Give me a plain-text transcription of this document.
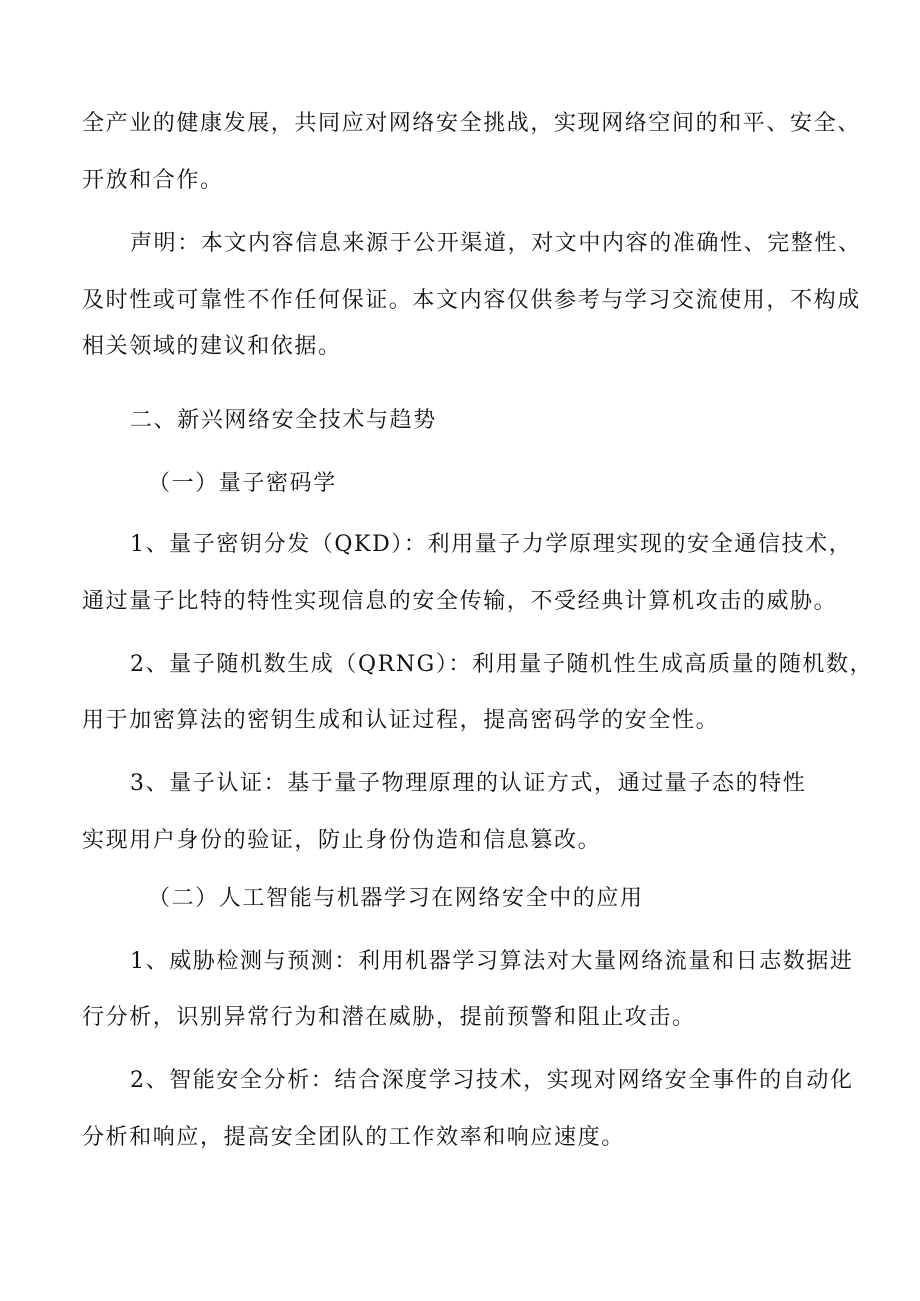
全产业的健康发展，共同应对网络安全挑战，实现网络空间的和平、安全、
开放和合作。
声明：本文内容信息来源于公开渠道，对文中内容的准确性、完整性、
及时性或可靠性不作任何保证。本文内容仅供参考与学习交流使用，不构成
相关领域的建议和依据。
二、新兴网络安全技术与趋势
（一）量子密码学
1、量子密钥分发（QKD）：利用量子力学原理实现的安全通信技术，
通过量子比特的特性实现信息的安全传输，不受经典计算机攻击的威胁。
2、量子随机数生成（QRNG）：利用量子随机性生成高质量的随机数，
用于加密算法的密钥生成和认证过程，提高密码学的安全性。
3、量子认证：基于量子物理原理的认证方式，通过量子态的特性
实现用户身份的验证，防止身份伪造和信息篡改。
（二）人工智能与机器学习在网络安全中的应用
1、威胁检测与预测：利用机器学习算法对大量网络流量和日志数据进
行分析，识别异常行为和潜在威胁，提前预警和阻止攻击。
2、智能安全分析：结合深度学习技术，实现对网络安全事件的自动化
分析和响应，提高安全团队的工作效率和响应速度。
